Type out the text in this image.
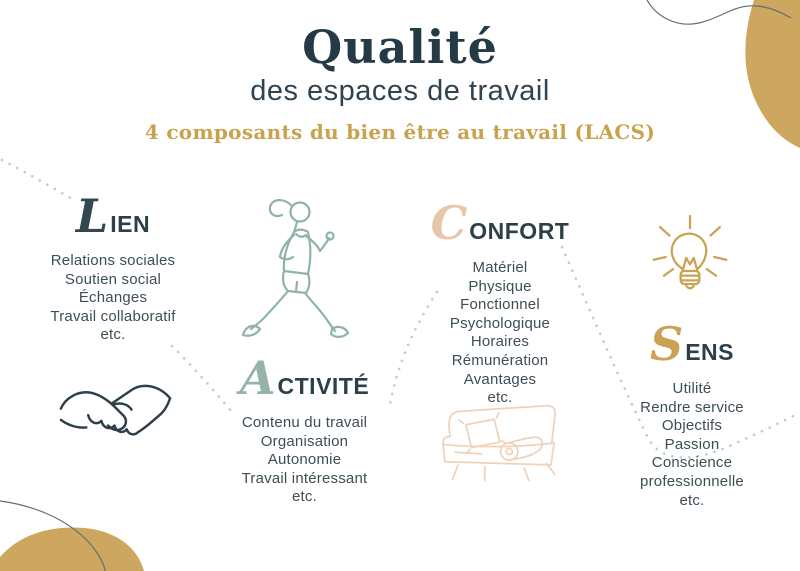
Qualité
des espaces de travail
4 composants du bien être au travail (LACS)
L IEN
Relations sociales
Soutien social
Échanges
Travail collaboratif
etc.
C ONFORT
Matériel
Physique
Fonctionnel
Psychologique
Horaires
Rémunération
Avantages
etc.
A CTIVITÉ
Contenu du travail
Organisation
Autonomie
Travail intéressant
etc.
S ENS
Utilité
Rendre service
Objectifs
Passion
Conscience professionnelle
etc.
